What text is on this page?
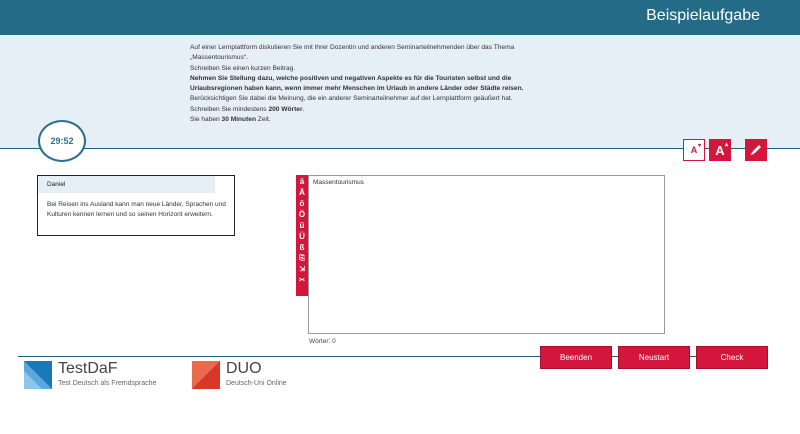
Beispielaufgabe

Auf einer Lernplattform diskutieren Sie mit Ihrer Dozentin und anderen Seminarteilnehmenden über das Thema

„Massentourismus“.

Schreiben Sie einen kurzen Beitrag.

Nehmen Sie Stellung dazu, welche positiven und negativen Aspekte es für die Touristen selbst und die Urlaubsregionen haben kann, wenn immer mehr Menschen im Urlaub in andere Länder oder Städte reisen.

Berücksichtigen Sie dabei die Meinung, die ein anderer Seminarteilnehmer auf der Lernplattform geäußert hat.

Schreiben Sie mindestens 200 Wörter.

Sie haben 30 Minuten Zeit.

29:52
A ▾ A ▴
Daniel
Bei Reisen ins Ausland kann man neue Länder, Sprachen und Kulturen kennen lernen und so seinen Horizont erweitern.
ä
Ä
ö
Ö
ü
Ü
ß
⎘
⇲
✂
Massentourismus
Wörter: 0
Beenden	Neustart	Check
TestDaF
Test Deutsch als Fremdsprache
DUO
Deutsch-Uni Online
